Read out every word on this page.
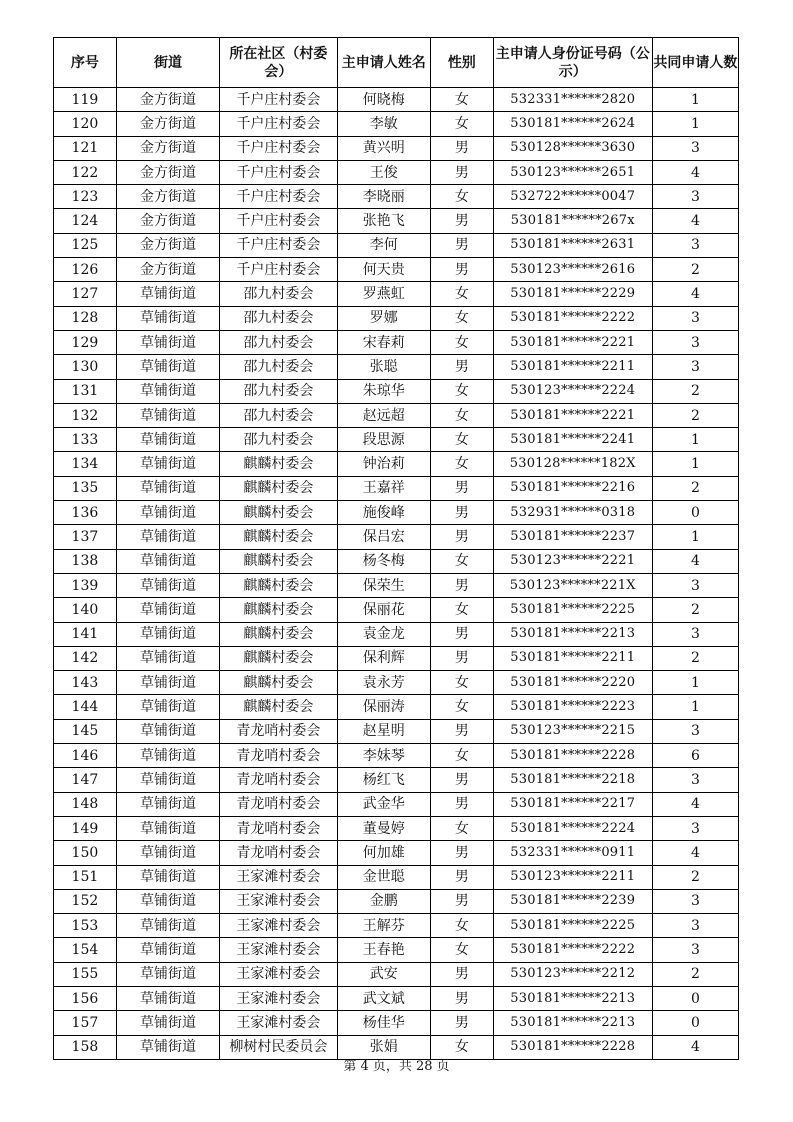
序号	街道	所在社区（村委会）	主申请人姓名	性别	主申请人身份证号码（公示）	共同申请人数
119	金方街道	千户庄村委会	何晓梅	女	532331******2820	1
120	金方街道	千户庄村委会	李敏	女	530181******2624	1
121	金方街道	千户庄村委会	黄兴明	男	530128******3630	3
122	金方街道	千户庄村委会	王俊	男	530123******2651	4
123	金方街道	千户庄村委会	李晓丽	女	532722******0047	3
124	金方街道	千户庄村委会	张艳飞	男	530181******267x	4
125	金方街道	千户庄村委会	李何	男	530181******2631	3
126	金方街道	千户庄村委会	何天贵	男	530123******2616	2
127	草铺街道	邵九村委会	罗燕虹	女	530181******2229	4
128	草铺街道	邵九村委会	罗娜	女	530181******2222	3
129	草铺街道	邵九村委会	宋春莉	女	530181******2221	3
130	草铺街道	邵九村委会	张聪	男	530181******2211	3
131	草铺街道	邵九村委会	朱琼华	女	530123******2224	2
132	草铺街道	邵九村委会	赵远超	女	530181******2221	2
133	草铺街道	邵九村委会	段思源	女	530181******2241	1
134	草铺街道	麒麟村委会	钟治莉	女	530128******182X	1
135	草铺街道	麒麟村委会	王嘉祥	男	530181******2216	2
136	草铺街道	麒麟村委会	施俊峰	男	532931******0318	0
137	草铺街道	麒麟村委会	保吕宏	男	530181******2237	1
138	草铺街道	麒麟村委会	杨冬梅	女	530123******2221	4
139	草铺街道	麒麟村委会	保荣生	男	530123******221X	3
140	草铺街道	麒麟村委会	保丽花	女	530181******2225	2
141	草铺街道	麒麟村委会	袁金龙	男	530181******2213	3
142	草铺街道	麒麟村委会	保利辉	男	530181******2211	2
143	草铺街道	麒麟村委会	袁永芳	女	530181******2220	1
144	草铺街道	麒麟村委会	保丽涛	女	530181******2223	1
145	草铺街道	青龙哨村委会	赵星明	男	530123******2215	3
146	草铺街道	青龙哨村委会	李妹琴	女	530181******2228	6
147	草铺街道	青龙哨村委会	杨红飞	男	530181******2218	3
148	草铺街道	青龙哨村委会	武金华	男	530181******2217	4
149	草铺街道	青龙哨村委会	董曼婷	女	530181******2224	3
150	草铺街道	青龙哨村委会	何加雄	男	532331******0911	4
151	草铺街道	王家滩村委会	金世聪	男	530123******2211	2
152	草铺街道	王家滩村委会	金鹏	男	530181******2239	3
153	草铺街道	王家滩村委会	王解芬	女	530181******2225	3
154	草铺街道	王家滩村委会	王春艳	女	530181******2222	3
155	草铺街道	王家滩村委会	武安	男	530123******2212	2
156	草铺街道	王家滩村委会	武文斌	男	530181******2213	0
157	草铺街道	王家滩村委会	杨佳华	男	530181******2213	0
158	草铺街道	柳树村民委员会	张娟	女	530181******2228	4
第 4 页，共 28 页
